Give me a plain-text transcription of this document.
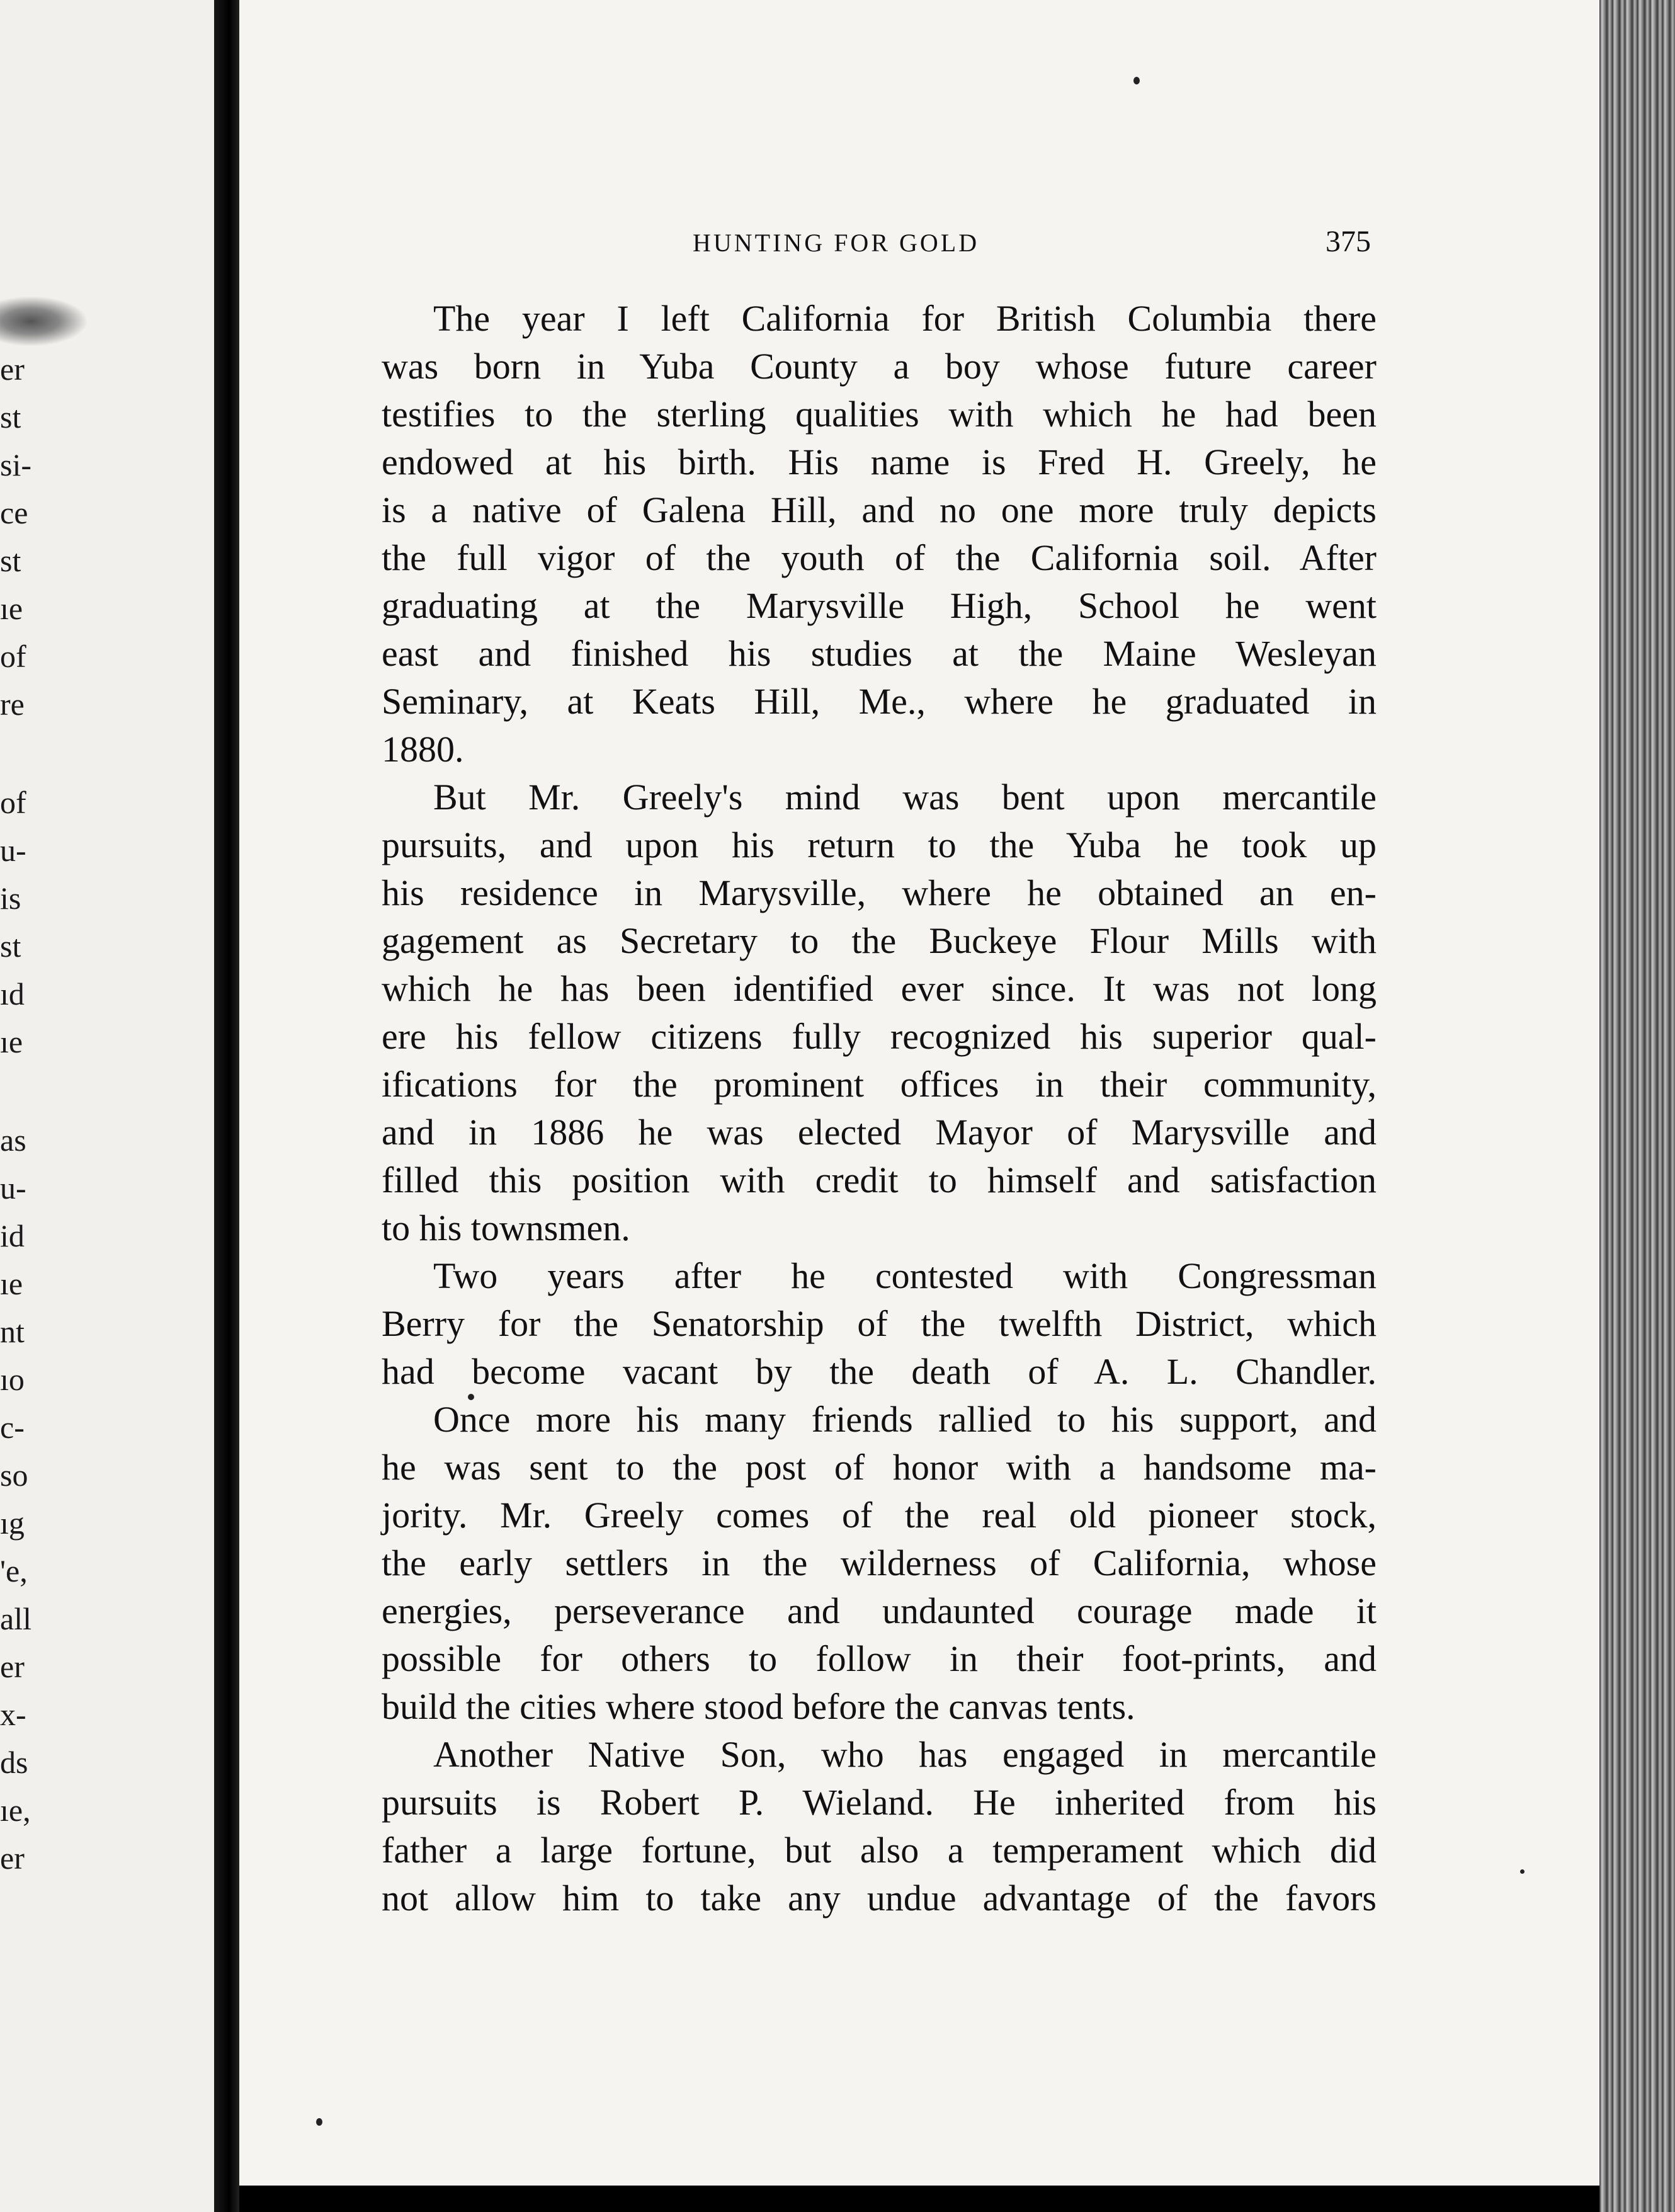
er
st
si-
ce
st
ıe
of
re
of
u-
is
st
ıd
ıe
as
u-
id
ıe
nt
ıo
c-
so
ıg
'e,
all
er
x-
ds
ıe,
er
HUNTING FOR GOLD	375
The year I left California for British Columbia there
was born in Yuba County a boy whose future career
testifies to the sterling qualities with which he had been
endowed at his birth. His name is Fred H. Greely, he
is a native of Galena Hill, and no one more truly depicts
the full vigor of the youth of the California soil. After
graduating at the Marysville High, School he went
east and finished his studies at the Maine Wesleyan
Seminary, at Keats Hill, Me., where he graduated in
1880.
But Mr. Greely's mind was bent upon mercantile
pursuits, and upon his return to the Yuba he took up
his residence in Marysville, where he obtained an en-
gagement as Secretary to the Buckeye Flour Mills with
which he has been identified ever since. It was not long
ere his fellow citizens fully recognized his superior qual-
ifications for the prominent offices in their community,
and in 1886 he was elected Mayor of Marysville and
filled this position with credit to himself and satisfaction
to his townsmen.
Two years after he contested with Congressman
Berry for the Senatorship of the twelfth District, which
had become vacant by the death of A. L. Chandler.
Once more his many friends rallied to his support, and
he was sent to the post of honor with a handsome ma-
jority. Mr. Greely comes of the real old pioneer stock,
the early settlers in the wilderness of California, whose
energies, perseverance and undaunted courage made it
possible for others to follow in their foot-prints, and
build the cities where stood before the canvas tents.
Another Native Son, who has engaged in mercantile
pursuits is Robert P. Wieland. He inherited from his
father a large fortune, but also a temperament which did
not allow him to take any undue advantage of the favors
